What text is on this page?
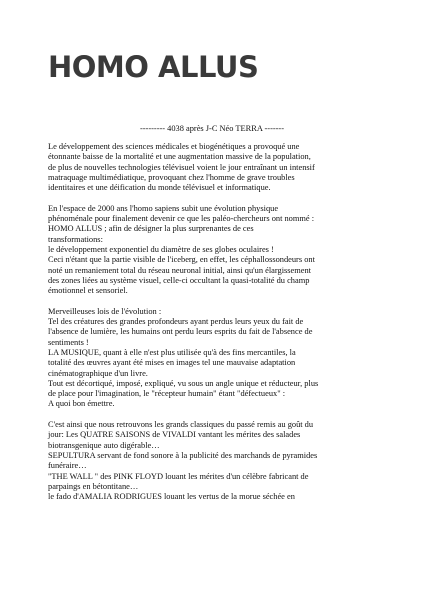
HOMO ALLUS

--------- 4038 après J-C Néo TERRA -------

Le développement des sciences médicales et biogénétiques a provoqué une
étonnante baisse de la mortalité et une augmentation massive de la population,
de plus de nouvelles technologies télévisuel voient le jour entraînant un intensif
matraquage multimédiatique, provoquant chez l'homme de grave troubles
identitaires et une déification du monde télévisuel et informatique.

En l'espace de 2000 ans l'homo sapiens subit une évolution physique
phénoménale pour finalement devenir ce que les paléo-chercheurs ont nommé :
HOMO ALLUS ; afin de désigner la plus surprenantes de ces
transformations:
le développement exponentiel du diamètre de ses globes oculaires !
Ceci n'étant que la partie visible de l'iceberg, en effet, les céphallossondeurs ont
noté un remaniement total du réseau neuronal initial, ainsi qu'un élargissement
des zones liées au système visuel, celle-ci occultant la quasi-totalité du champ
émotionnel et sensoriel.

Merveilleuses lois de l'évolution :
Tel des créatures des grandes profondeurs ayant perdus leurs yeux du fait de
l'absence de lumière, les humains ont perdu leurs esprits du fait de l'absence de
sentiments !
LA MUSIQUE, quant à elle n'est plus utilisée qu'à des fins mercantiles, la
totalité des œuvres ayant été mises en images tel une mauvaise adaptation
cinématographique d'un livre.
Tout est décortiqué, imposé, expliqué, vu sous un angle unique et réducteur, plus
de place pour l'imagination, le "récepteur humain" étant "défectueux" :
A quoi bon émettre.

C'est ainsi que nous retrouvons les grands classiques du passé remis au goût du
jour: Les QUATRE SAISONS de VIVALDI vantant les mérites des salades
biotransgenique auto digérable…
SEPULTURA servant de fond sonore à la publicité des marchands de pyramides
funéraire…
"THE WALL " des PINK FLOYD louant les mérites d'un célèbre fabricant de
parpaings en bétontitane…
le fado d'AMALIA RODRIGUES louant les vertus de la morue séchée en
